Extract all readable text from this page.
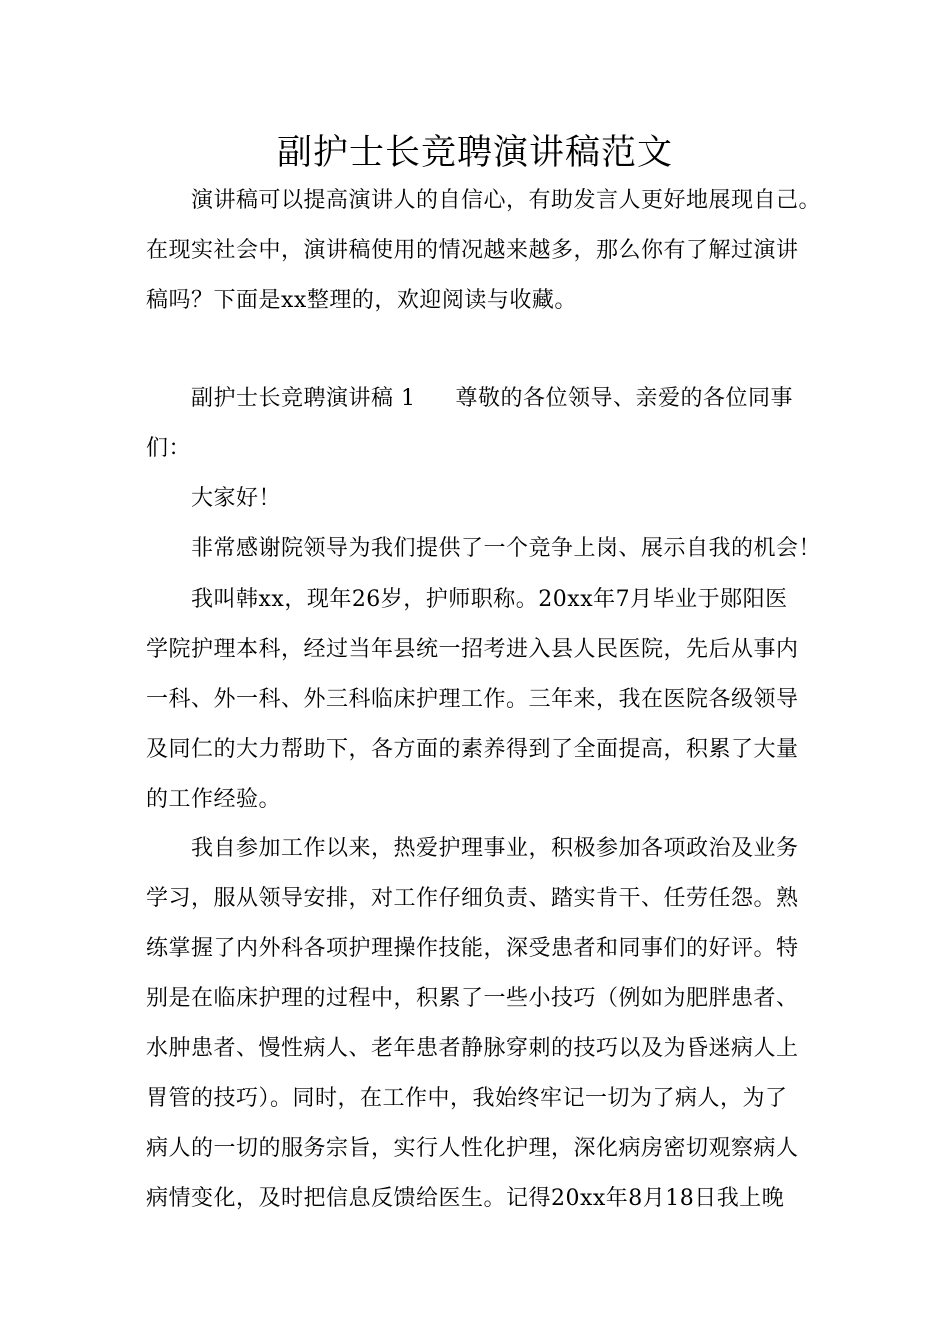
副护士长竞聘演讲稿范文
演讲稿可以提高演讲人的自信心，有助发言人更好地展现自己。
在现实社会中，演讲稿使用的情况越来越多，那么你有了解过演讲
稿吗？下面是xx整理的，欢迎阅读与收藏。
副护士长竞聘演讲稿 1 尊敬的各位领导、亲爱的各位同事
们：
大家好！
非常感谢院领导为我们提供了一个竞争上岗、展示自我的机会！
我叫韩xx，现年26岁，护师职称。20xx年7月毕业于郧阳医
学院护理本科，经过当年县统一招考进入县人民医院，先后从事内
一科、外一科、外三科临床护理工作。三年来，我在医院各级领导
及同仁的大力帮助下，各方面的素养得到了全面提高，积累了大量
的工作经验。
我自参加工作以来，热爱护理事业，积极参加各项政治及业务
学习，服从领导安排，对工作仔细负责、踏实肯干、任劳任怨。熟
练掌握了内外科各项护理操作技能，深受患者和同事们的好评。特
别是在临床护理的过程中，积累了一些小技巧（例如为肥胖患者、
水肿患者、慢性病人、老年患者静脉穿刺的技巧以及为昏迷病人上
胃管的技巧）。同时，在工作中，我始终牢记一切为了病人，为了
病人的一切的服务宗旨，实行人性化护理，深化病房密切观察病人
病情变化，及时把信息反馈给医生。记得20xx年8月18日我上晚
